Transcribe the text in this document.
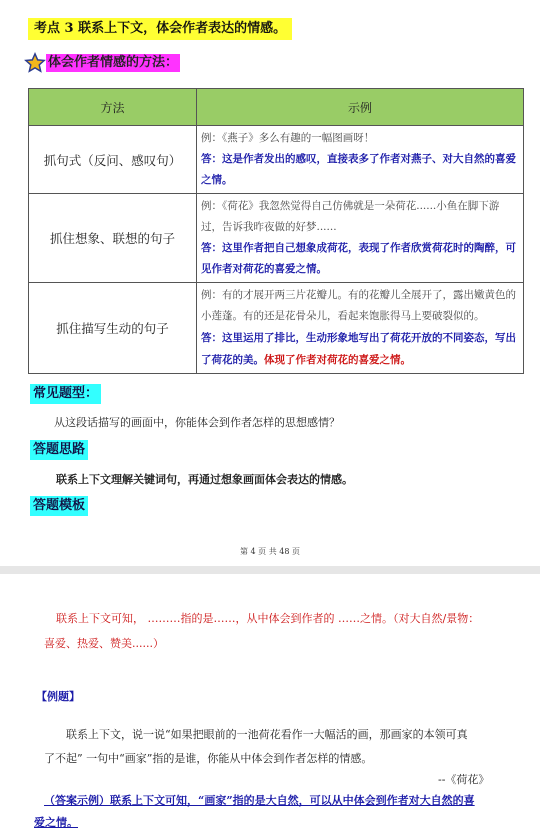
考点 3 联系上下文，体会作者表达的情感。
体会作者情感的方法：
方法	示例
抓句式（反问、感叹句）	例：《燕子》多么有趣的一幅图画呀！
答：这是作者发出的感叹，直接表多了作者对燕子、对大自然的喜爱之情。

抓住想象、联想的句子	例：《荷花》我忽然觉得自己仿佛就是一朵荷花......小鱼在脚下游过，告诉我昨夜做的好梦......
答：这里作者把自己想象成荷花，表现了作者欣赏荷花时的陶醉，可见作者对荷花的喜爱之情。

抓住描写生动的句子	例：有的才展开两三片花瓣儿。有的花瓣儿全展开了，露出嫩黄色的小莲蓬。有的还是花骨朵儿，看起来饱胀得马上要破裂似的。
答：这里运用了排比，生动形象地写出了荷花开放的不同姿态，写出了荷花的美。体现了作者对荷花的喜爱之情。
常见题型：
从这段话描写的画面中，你能体会到作者怎样的思想感情？
答题思路
联系上下文理解关键词句，再通过想象画面体会表达的情感。
答题模板
第 4 页 共 48 页
联系上下文可知， ………指的是……，从中体会到作者的 ……之情。（对大自然/景物：
喜爱、热爱、赞美......）
【例题】
联系上下文，说一说“如果把眼前的一池荷花看作一大幅活的画，那画家的本领可真
了不起” 一句中“画家”指的是谁，你能从中体会到作者怎样的情感。
--《荷花》
（答案示例）联系上下文可知，“画家”指的是大自然，可以从中体会到作者对大自然的喜
爱之情。
